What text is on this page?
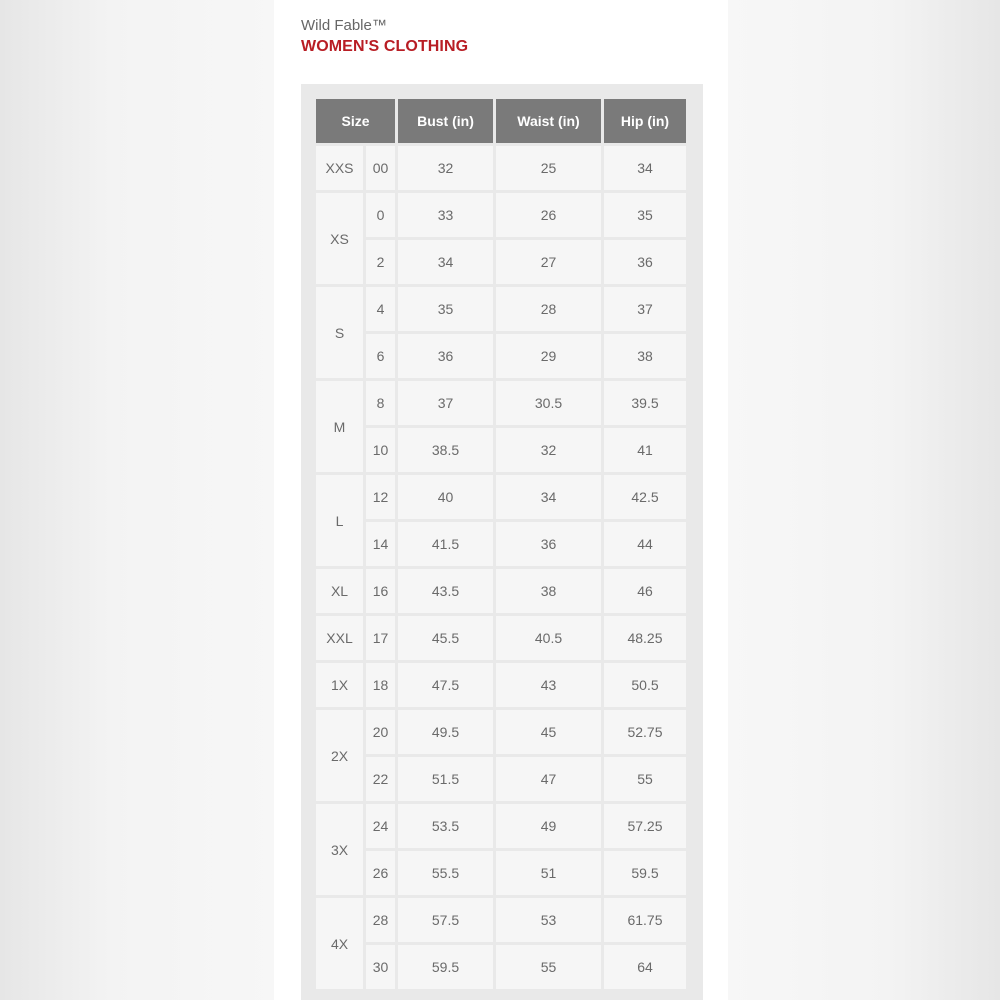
Wild Fable™
WOMEN'S CLOTHING
Size		Bust (in)	Waist (in)	Hip (in)
XXS	00	32	25	34
XS	0	33	26	35
	2	34	27	36
S	4	35	28	37
	6	36	29	38
M	8	37	30.5	39.5
	10	38.5	32	41
L	12	40	34	42.5
	14	41.5	36	44
XL	16	43.5	38	46
XXL	17	45.5	40.5	48.25
1X	18	47.5	43	50.5
2X	20	49.5	45	52.75
	22	51.5	47	55
3X	24	53.5	49	57.25
	26	55.5	51	59.5
4X	28	57.5	53	61.75
	30	59.5	55	64
